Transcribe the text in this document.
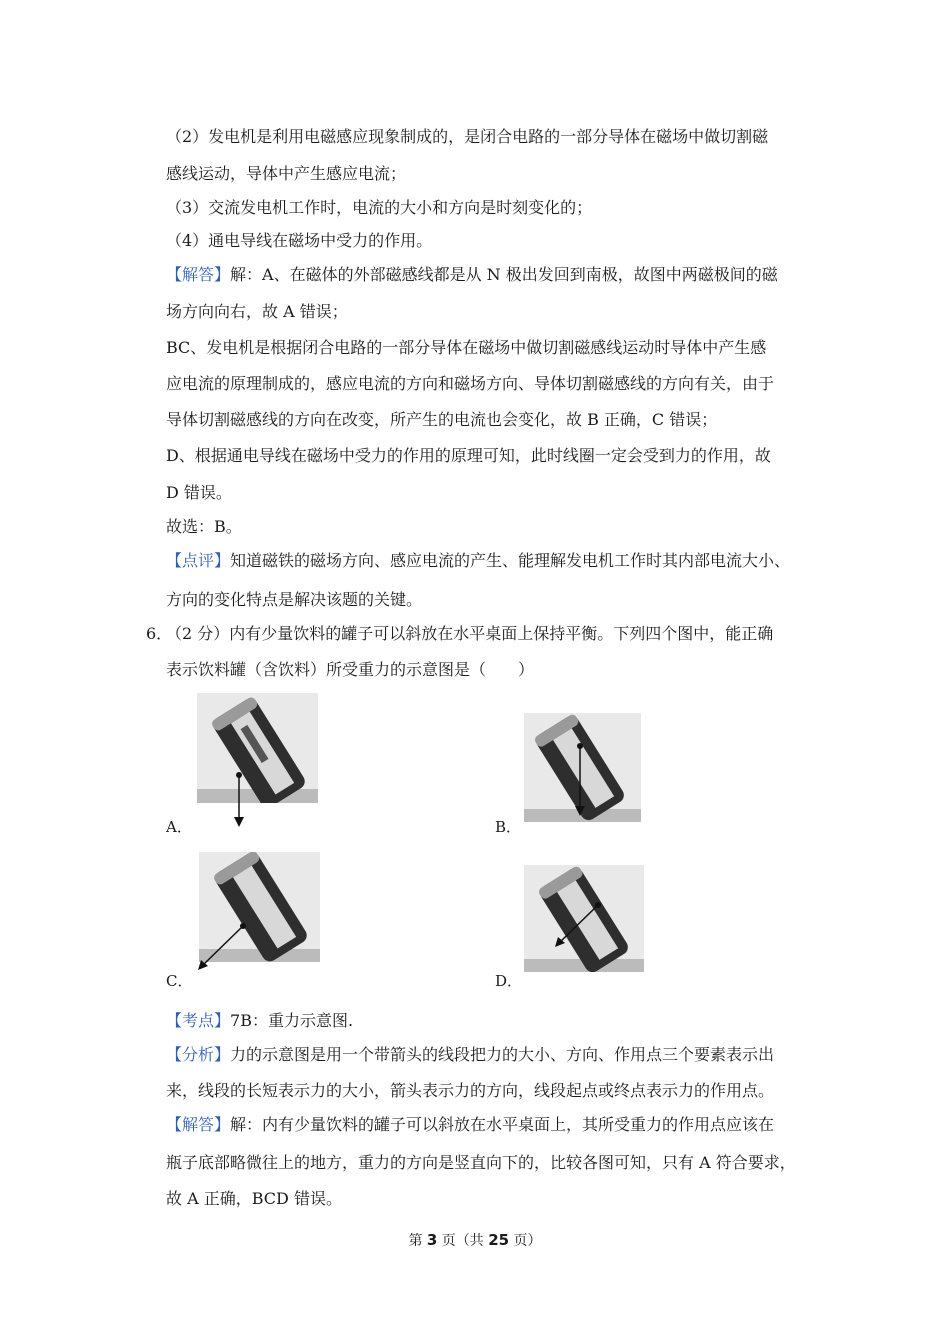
（2）发电机是利用电磁感应现象制成的，是闭合电路的一部分导体在磁场中做切割磁
感线运动，导体中产生感应电流；
（3）交流发电机工作时，电流的大小和方向是时刻变化的；
（4）通电导线在磁场中受力的作用。
【解答】解：A、在磁体的外部磁感线都是从 N 极出发回到南极，故图中两磁极间的磁
场方向向右，故 A 错误；
BC、发电机是根据闭合电路的一部分导体在磁场中做切割磁感线运动时导体中产生感
应电流的原理制成的，感应电流的方向和磁场方向、导体切割磁感线的方向有关，由于
导体切割磁感线的方向在改变，所产生的电流也会变化，故 B 正确，C 错误；
D、根据通电导线在磁场中受力的作用的原理可知，此时线圈一定会受到力的作用，故
D 错误。
故选：B。
【点评】知道磁铁的磁场方向、感应电流的产生、能理解发电机工作时其内部电流大小、
方向的变化特点是解决该题的关键。
6．
（2 分）内有少量饮料的罐子可以斜放在水平桌面上保持平衡。下列四个图中，能正确
表示饮料罐（含饮料）所受重力的示意图是（　　）
A．	B．
C．	D．
【考点】7B：重力示意图.
【分析】力的示意图是用一个带箭头的线段把力的大小、方向、作用点三个要素表示出
来，线段的长短表示力的大小，箭头表示力的方向，线段起点或终点表示力的作用点。
【解答】解：内有少量饮料的罐子可以斜放在水平桌面上，其所受重力的作用点应该在
瓶子底部略微往上的地方，重力的方向是竖直向下的，比较各图可知，只有 A 符合要求，
故 A 正确，BCD 错误。
第 3 页（共 25 页）
